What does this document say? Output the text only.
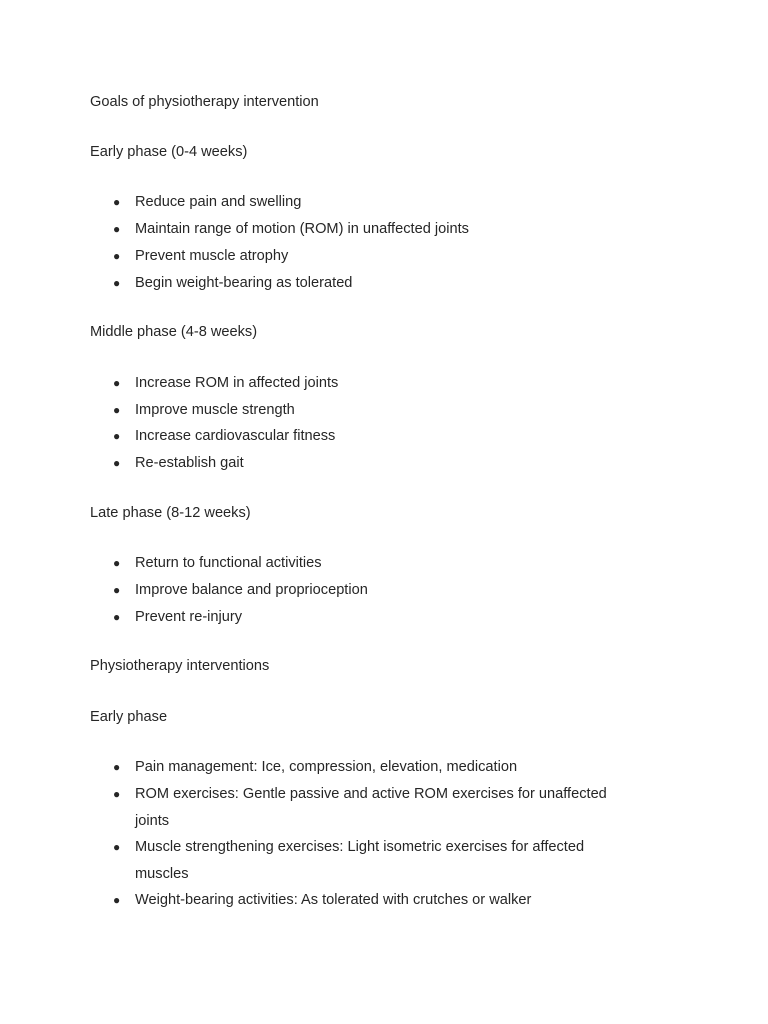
Goals of physiotherapy intervention
Early phase (0-4 weeks)
● Reduce pain and swelling
● Maintain range of motion (ROM) in unaffected joints
● Prevent muscle atrophy
● Begin weight-bearing as tolerated
Middle phase (4-8 weeks)
● Increase ROM in affected joints
● Improve muscle strength
● Increase cardiovascular fitness
● Re-establish gait
Late phase (8-12 weeks)
● Return to functional activities
● Improve balance and proprioception
● Prevent re-injury
Physiotherapy interventions
Early phase
● Pain management: Ice, compression, elevation, medication
● ROM exercises: Gentle passive and active ROM exercises for unaffected joints
● Muscle strengthening exercises: Light isometric exercises for affected muscles
● Weight-bearing activities: As tolerated with crutches or walker
